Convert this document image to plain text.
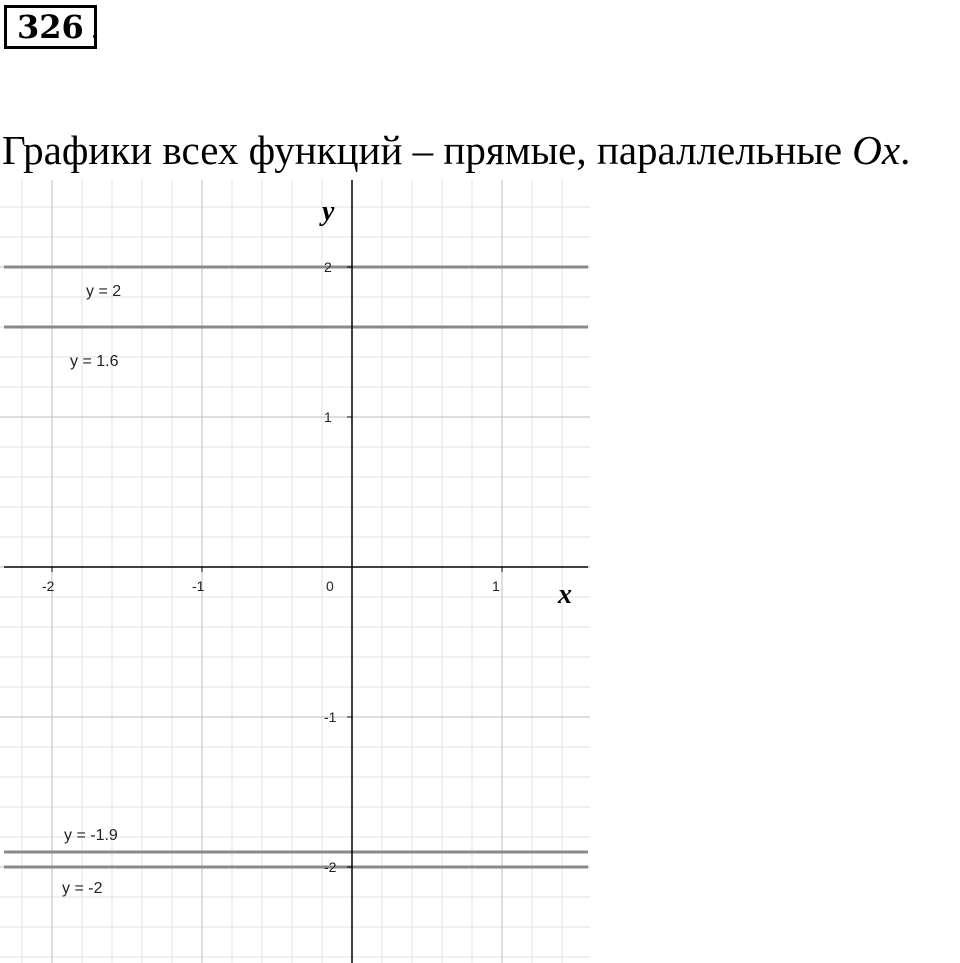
326 .
Графики всех функций – прямые, параллельные Ox.
-2	-1	0	1
-2
-1
1
2
y = 2
y = 1.6
y = -1.9
y = -2
x
y
